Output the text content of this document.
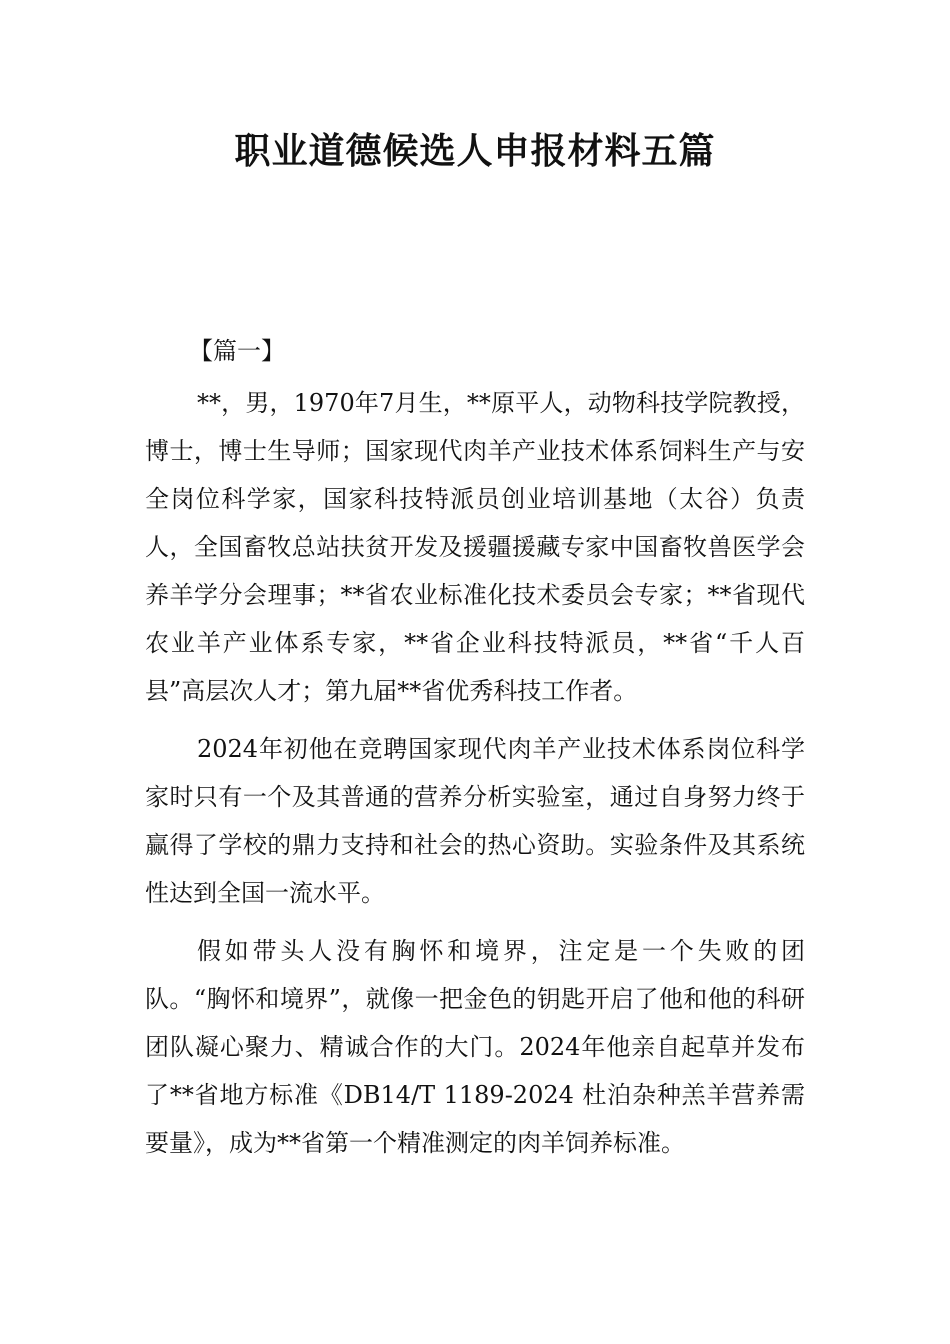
职业道德候选人申报材料五篇

【篇一】

**，男，1970年7月生，**原平人，动物科技学院教授，博士，博士生导师；国家现代肉羊产业技术体系饲料生产与安全岗位科学家，国家科技特派员创业培训基地（太谷）负责人，全国畜牧总站扶贫开发及援疆援藏专家中国畜牧兽医学会养羊学分会理事；**省农业标准化技术委员会专家；**省现代农业羊产业体系专家，**省企业科技特派员，**省“千人百县”高层次人才；第九届**省优秀科技工作者。

2024年初他在竞聘国家现代肉羊产业技术体系岗位科学家时只有一个及其普通的营养分析实验室，通过自身努力终于赢得了学校的鼎力支持和社会的热心资助。实验条件及其系统性达到全国一流水平。

假如带头人没有胸怀和境界，注定是一个失败的团队。“胸怀和境界”，就像一把金色的钥匙开启了他和他的科研团队凝心聚力、精诚合作的大门。2024年他亲自起草并发布了**省地方标准《DB14/T 1189-2024 杜泊杂种羔羊营养需要量》，成为**省第一个精准测定的肉羊饲养标准。
